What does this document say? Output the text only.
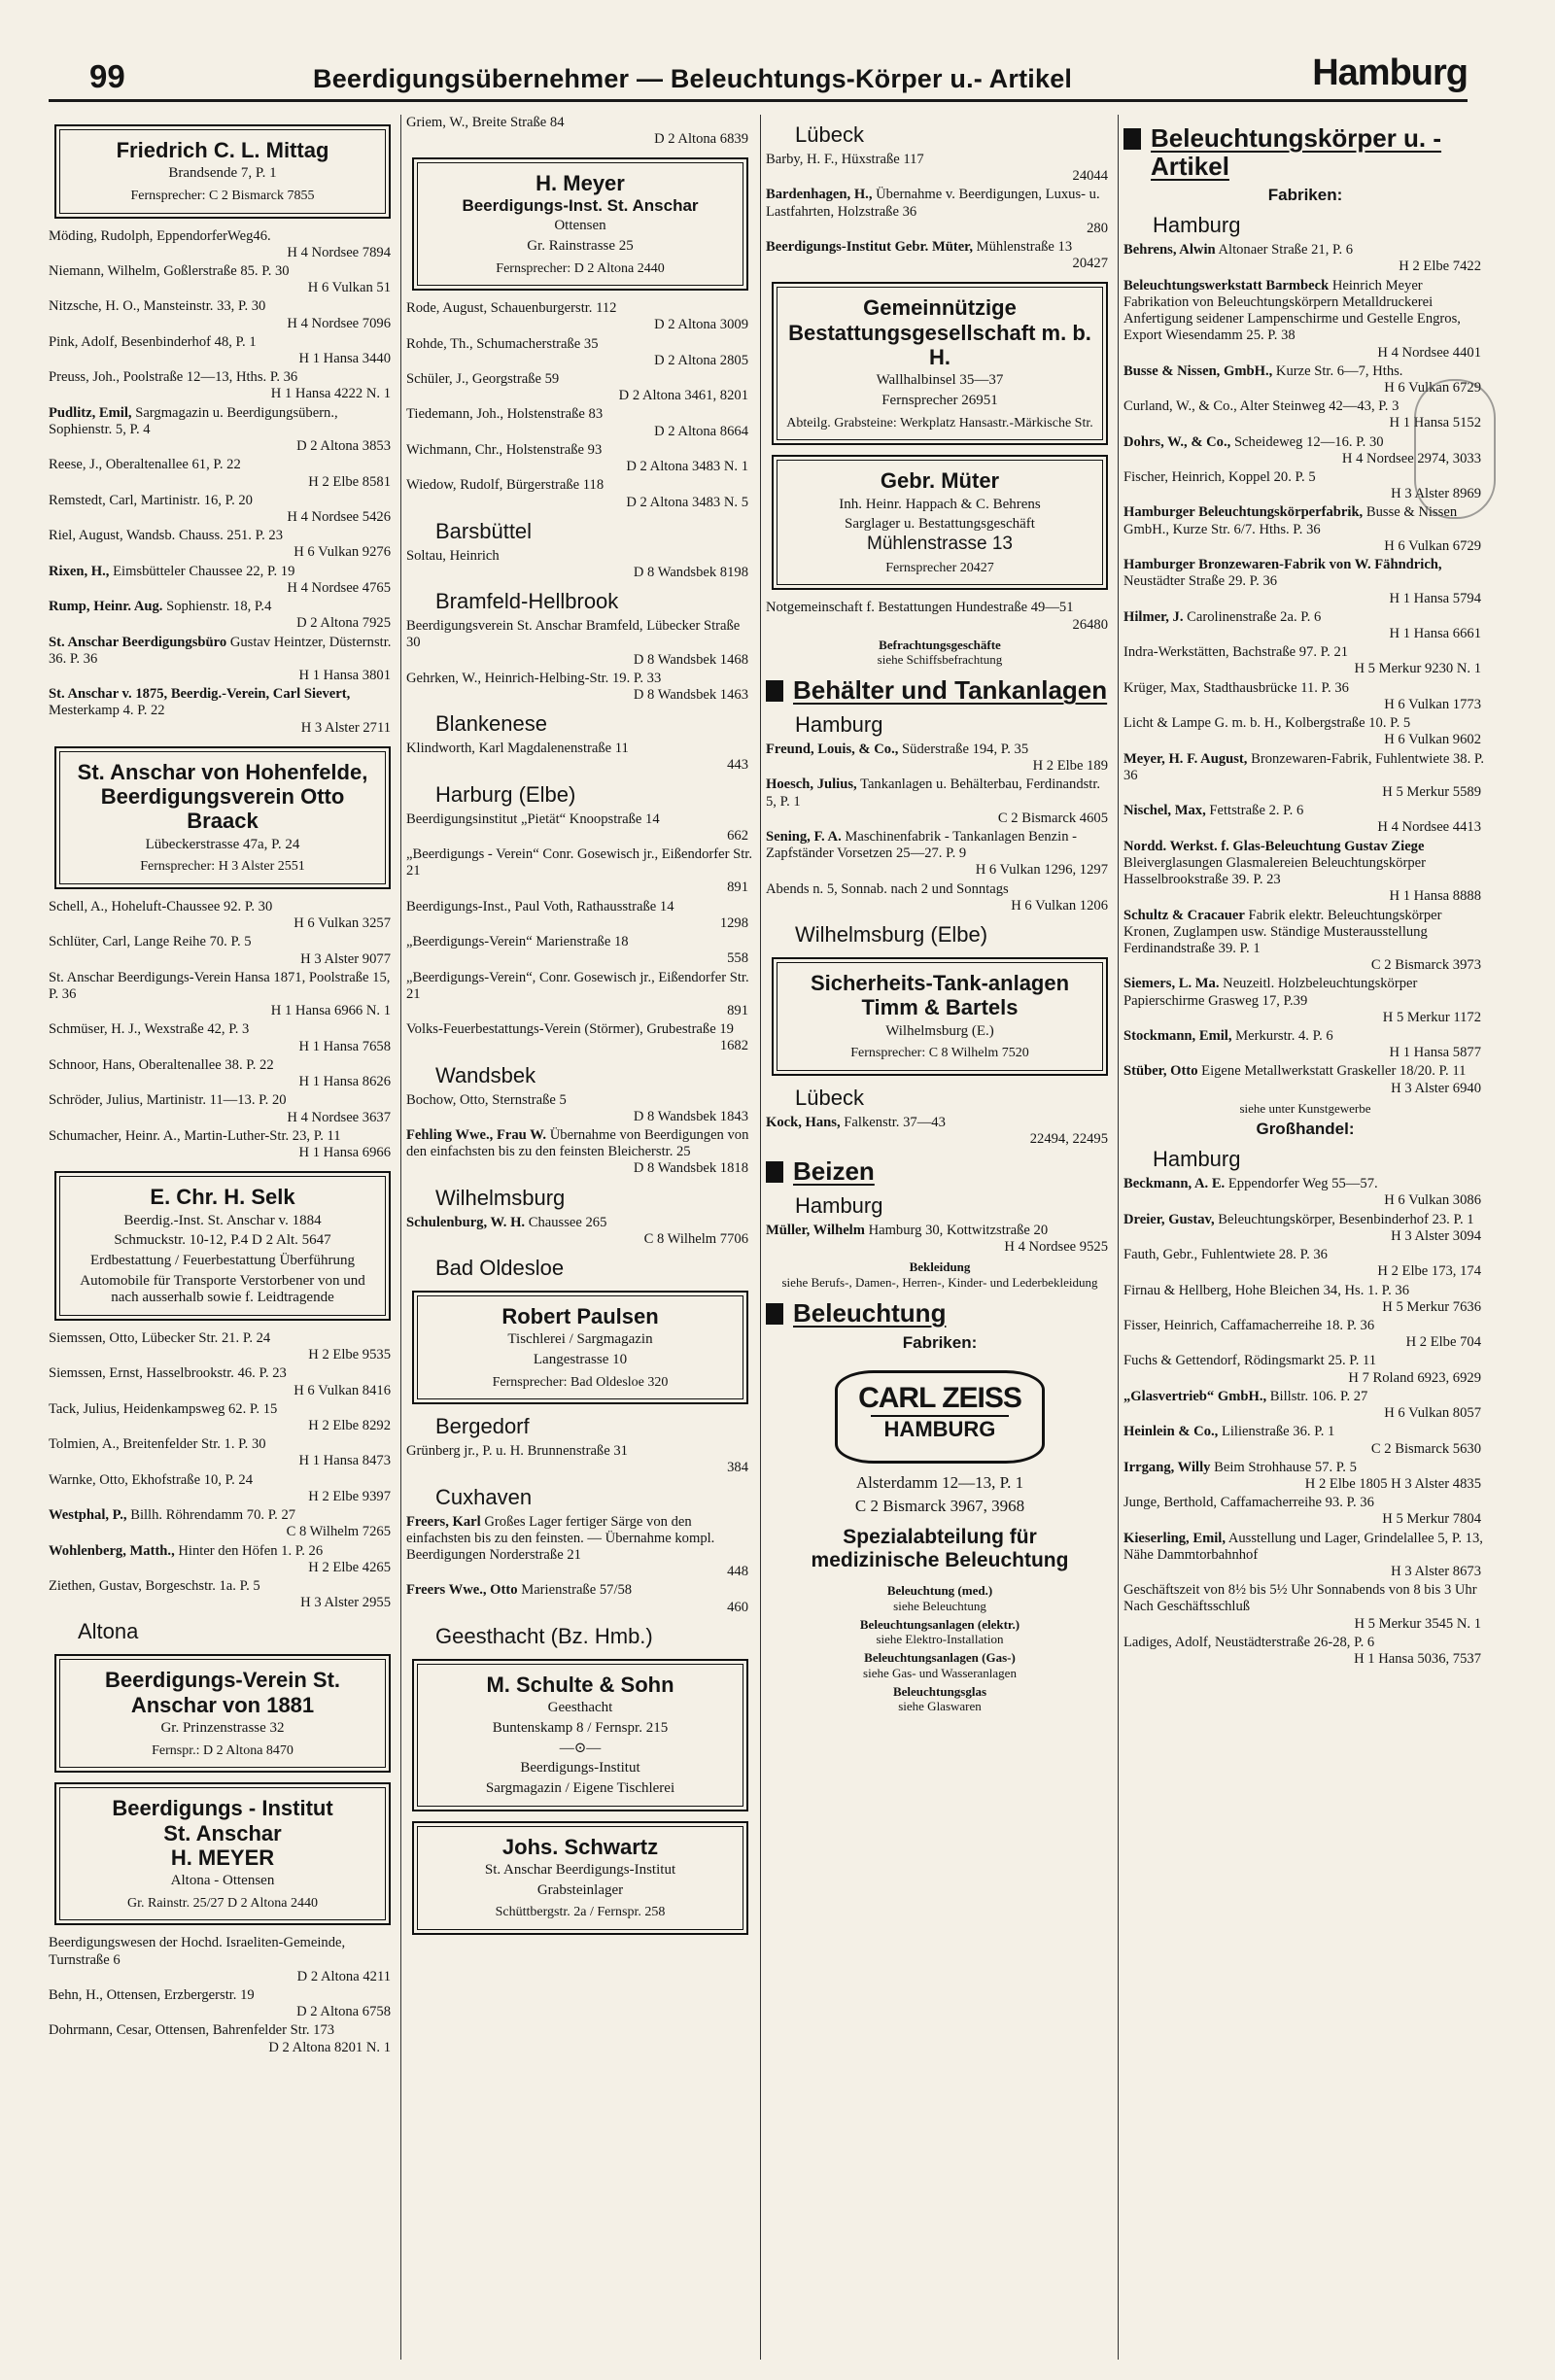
99	Beerdigungsübernehmer — Beleuchtungs-Körper u.- Artikel	Hamburg
Friedrich C. L. Mittag
Brandsende 7, P. 1
Fernsprecher: C 2 Bismarck 7855
Möding, Rudolph, EppendorferWeg46.
H 4 Nordsee 7894
Niemann, Wilhelm, Goßlerstraße 85. P. 30
H 6 Vulkan 51
Nitzsche, H. O., Mansteinstr. 33, P. 30
H 4 Nordsee 7096
Pink, Adolf, Besenbinderhof 48, P. 1
H 1 Hansa 3440
Preuss, Joh., Poolstraße 12—13, Hths. P. 36
H 1 Hansa 4222 N. 1
Pudlitz, Emil, Sargmagazin u. Beerdigungsübern., Sophienstr. 5, P. 4
D 2 Altona 3853
Reese, J., Oberaltenallee 61, P. 22
H 2 Elbe 8581
Remstedt, Carl, Martinistr. 16, P. 20
H 4 Nordsee 5426
Riel, August, Wandsb. Chauss. 251. P. 23
H 6 Vulkan 9276
Rixen, H., Eimsbütteler Chaussee 22, P. 19
H 4 Nordsee 4765
Rump, Heinr. Aug. Sophienstr. 18, P.4
D 2 Altona 7925
St. Anschar Beerdigungsbüro Gustav Heintzer, Düsternstr. 36. P. 36
H 1 Hansa 3801
St. Anschar v. 1875, Beerdig.-Verein, Carl Sievert, Mesterkamp 4. P. 22
H 3 Alster 2711
St. Anschar von Hohenfelde, Beerdigungsverein Otto Braack
Lübeckerstrasse 47a, P. 24
Fernsprecher: H 3 Alster 2551
Schell, A., Hoheluft-Chaussee 92. P. 30
H 6 Vulkan 3257
Schlüter, Carl, Lange Reihe 70. P. 5
H 3 Alster 9077
St. Anschar Beerdigungs-Verein Hansa 1871, Poolstraße 15, P. 36
H 1 Hansa 6966 N. 1
Schmüser, H. J., Wexstraße 42, P. 3
H 1 Hansa 7658
Schnoor, Hans, Oberaltenallee 38. P. 22
H 1 Hansa 8626
Schröder, Julius, Martinistr. 11—13. P. 20
H 4 Nordsee 3637
Schumacher, Heinr. A., Martin-Luther-Str. 23, P. 11
H 1 Hansa 6966
E. Chr. H. Selk
Beerdig.-Inst. St. Anschar v. 1884
Schmuckstr. 10-12, P.4 D 2 Alt. 5647
Erdbestattung / Feuerbestattung Überführung
Automobile für Transporte Verstorbener von und nach ausserhalb sowie f. Leidtragende
Siemssen, Otto, Lübecker Str. 21. P. 24
H 2 Elbe 9535
Siemssen, Ernst, Hasselbrookstr. 46. P. 23
H 6 Vulkan 8416
Tack, Julius, Heidenkampsweg 62. P. 15
H 2 Elbe 8292
Tolmien, A., Breitenfelder Str. 1. P. 30
H 1 Hansa 8473
Warnke, Otto, Ekhofstraße 10, P. 24
H 2 Elbe 9397
Westphal, P., Billh. Röhrendamm 70. P. 27
C 8 Wilhelm 7265
Wohlenberg, Matth., Hinter den Höfen 1. P. 26
H 2 Elbe 4265
Ziethen, Gustav, Borgeschstr. 1a. P. 5
H 3 Alster 2955
Altona
Beerdigungs-Verein St. Anschar von 1881
Gr. Prinzenstrasse 32
Fernspr.: D 2 Altona 8470
Beerdigungs - Institut
St. Anschar
H. MEYER
Altona - Ottensen
Gr. Rainstr. 25/27 D 2 Altona 2440
Beerdigungswesen der Hochd. Israeliten-Gemeinde, Turnstraße 6
D 2 Altona 4211
Behn, H., Ottensen, Erzbergerstr. 19
D 2 Altona 6758
Dohrmann, Cesar, Ottensen, Bahrenfelder Str. 173
D 2 Altona 8201 N. 1
Griem, W., Breite Straße 84
D 2 Altona 6839
H. Meyer
Beerdigungs-Inst. St. Anschar
Ottensen
Gr. Rainstrasse 25
Fernsprecher: D 2 Altona 2440
Rode, August, Schauenburgerstr. 112
D 2 Altona 3009
Rohde, Th., Schumacherstraße 35
D 2 Altona 2805
Schüler, J., Georgstraße 59
D 2 Altona 3461, 8201
Tiedemann, Joh., Holstenstraße 83
D 2 Altona 8664
Wichmann, Chr., Holstenstraße 93
D 2 Altona 3483 N. 1
Wiedow, Rudolf, Bürgerstraße 118
D 2 Altona 3483 N. 5
Barsbüttel
Soltau, Heinrich
D 8 Wandsbek 8198
Bramfeld-Hellbrook
Beerdigungsverein St. Anschar Bramfeld, Lübecker Straße 30
D 8 Wandsbek 1468
Gehrken, W., Heinrich-Helbing-Str. 19. P. 33
D 8 Wandsbek 1463
Blankenese
Klindworth, Karl Magdalenenstraße 11
443
Harburg (Elbe)
Beerdigungsinstitut „Pietät“ Knoopstraße 14
662
„Beerdigungs - Verein“ Conr. Gosewisch jr., Eißendorfer Str. 21
891
Beerdigungs-Inst., Paul Voth, Rathausstraße 14
1298
„Beerdigungs-Verein“ Marienstraße 18
558
„Beerdigungs-Verein“, Conr. Gosewisch jr., Eißendorfer Str. 21
891
Volks-Feuerbestattungs-Verein (Störmer), Grubestraße 19
1682
Wandsbek
Bochow, Otto, Sternstraße 5
D 8 Wandsbek 1843
Fehling Wwe., Frau W. Übernahme von Beerdigungen von den einfachsten bis zu den feinsten Bleicherstr. 25
D 8 Wandsbek 1818
Wilhelmsburg
Schulenburg, W. H. Chaussee 265
C 8 Wilhelm 7706
Bad Oldesloe
Robert Paulsen
Tischlerei / Sargmagazin
Langestrasse 10
Fernsprecher: Bad Oldesloe 320
Bergedorf
Grünberg jr., P. u. H. Brunnenstraße 31
384
Cuxhaven
Freers, Karl Großes Lager fertiger Särge von den einfachsten bis zu den feinsten. — Übernahme kompl. Beerdigungen Norderstraße 21
448
Freers Wwe., Otto Marienstraße 57/58
460
Geesthacht (Bz. Hmb.)
M. Schulte & Sohn
Geesthacht
Buntenskamp 8 / Fernspr. 215
—⊙—
Beerdigungs-Institut
Sargmagazin / Eigene Tischlerei
Johs. Schwartz
St. Anschar Beerdigungs-Institut
Grabsteinlager
Schüttbergstr. 2a / Fernspr. 258
Lübeck
Barby, H. F., Hüxstraße 117
24044
Bardenhagen, H., Übernahme v. Beerdigungen, Luxus- u. Lastfahrten, Holzstraße 36
280
Beerdigungs-Institut Gebr. Müter, Mühlenstraße 13
20427
Gemeinnützige Bestattungsgesellschaft m. b. H.
Wallhalbinsel 35—37
Fernsprecher 26951
Abteilg. Grabsteine: Werkplatz Hansastr.-Märkische Str.
Gebr. Müter
Inh. Heinr. Happach & C. Behrens
Sarglager u. Bestattungsgeschäft
Mühlenstrasse 13
Fernsprecher 20427
Notgemeinschaft f. Bestattungen Hundestraße 49—51
26480
Befrachtungsgeschäfte
siehe Schiffsbefrachtung
Behälter und Tankanlagen
Hamburg
Freund, Louis, & Co., Süderstraße 194, P. 35
H 2 Elbe 189
Hoesch, Julius, Tankanlagen u. Behälterbau, Ferdinandstr. 5, P. 1
C 2 Bismarck 4605
Sening, F. A. Maschinenfabrik - Tankanlagen Benzin - Zapfständer Vorsetzen 25—27. P. 9
H 6 Vulkan 1296, 1297
Abends n. 5, Sonnab. nach 2 und Sonntags
H 6 Vulkan 1206
Wilhelmsburg (Elbe)
Sicherheits-Tank-anlagen
Timm & Bartels
Wilhelmsburg (E.)
Fernsprecher: C 8 Wilhelm 7520
Lübeck
Kock, Hans, Falkenstr. 37—43
22494, 22495
Beizen
Hamburg
Müller, Wilhelm Hamburg 30, Kottwitzstraße 20
H 4 Nordsee 9525
Bekleidung
siehe Berufs-, Damen-, Herren-, Kinder- und Lederbekleidung
Beleuchtung
Fabriken:
CARL ZEISS
HAMBURG
Alsterdamm 12—13, P. 1
C 2 Bismarck 3967, 3968
Spezialabteilung für medizinische Beleuchtung
Beleuchtung (med.)
siehe Beleuchtung
Beleuchtungsanlagen (elektr.)
siehe Elektro-Installation
Beleuchtungsanlagen (Gas-)
siehe Gas- und Wasseranlagen
Beleuchtungsglas
siehe Glaswaren
Beleuchtungskörper u. -Artikel
Fabriken:
Hamburg
Behrens, Alwin Altonaer Straße 21, P. 6
H 2 Elbe 7422
Beleuchtungswerkstatt Barmbeck Heinrich Meyer Fabrikation von Beleuchtungskörpern Metalldruckerei Anfertigung seidener Lampenschirme und Gestelle Engros, Export Wiesendamm 25. P. 38
H 4 Nordsee 4401
Busse & Nissen, GmbH., Kurze Str. 6—7, Hths.
H 6 Vulkan 6729
Curland, W., & Co., Alter Steinweg 42—43, P. 3
H 1 Hansa 5152
Dohrs, W., & Co., Scheideweg 12—16. P. 30
H 4 Nordsee 2974, 3033
Fischer, Heinrich, Koppel 20. P. 5
H 3 Alster 8969
Hamburger Beleuchtungskörperfabrik, Busse & Nissen GmbH., Kurze Str. 6/7. Hths. P. 36
H 6 Vulkan 6729
Hamburger Bronzewaren-Fabrik von W. Fähndrich, Neustädter Straße 29. P. 36
H 1 Hansa 5794
Hilmer, J. Carolinenstraße 2a. P. 6
H 1 Hansa 6661
Indra-Werkstätten, Bachstraße 97. P. 21
H 5 Merkur 9230 N. 1
Krüger, Max, Stadthausbrücke 11. P. 36
H 6 Vulkan 1773
Licht & Lampe G. m. b. H., Kolbergstraße 10. P. 5
H 6 Vulkan 9602
Meyer, H. F. August, Bronzewaren-Fabrik, Fuhlentwiete 38. P. 36
H 5 Merkur 5589
Nischel, Max, Fettstraße 2. P. 6
H 4 Nordsee 4413
Nordd. Werkst. f. Glas-Beleuchtung Gustav Ziege Bleiverglasungen Glasmalereien Beleuchtungskörper Hasselbrookstraße 39. P. 23
H 1 Hansa 8888
Schultz & Cracauer Fabrik elektr. Beleuchtungskörper Kronen, Zuglampen usw. Ständige Musterausstellung Ferdinandstraße 39. P. 1
C 2 Bismarck 3973
Siemers, L. Ma. Neuzeitl. Holzbeleuchtungskörper Papierschirme Grasweg 17, P.39
H 5 Merkur 1172
Stockmann, Emil, Merkurstr. 4. P. 6
H 1 Hansa 5877
Stüber, Otto Eigene Metallwerkstatt Graskeller 18/20. P. 11
H 3 Alster 6940
siehe unter Kunstgewerbe
Großhandel:
Hamburg
Beckmann, A. E. Eppendorfer Weg 55—57.
H 6 Vulkan 3086
Dreier, Gustav, Beleuchtungskörper, Besenbinderhof 23. P. 1
H 3 Alster 3094
Fauth, Gebr., Fuhlentwiete 28. P. 36
H 2 Elbe 173, 174
Firnau & Hellberg, Hohe Bleichen 34, Hs. 1. P. 36
H 5 Merkur 7636
Fisser, Heinrich, Caffamacherreihe 18. P. 36
H 2 Elbe 704
Fuchs & Gettendorf, Rödingsmarkt 25. P. 11
H 7 Roland 6923, 6929
„Glasvertrieb“ GmbH., Billstr. 106. P. 27
H 6 Vulkan 8057
Heinlein & Co., Lilienstraße 36. P. 1
C 2 Bismarck 5630
Irrgang, Willy Beim Strohhause 57. P. 5
H 2 Elbe 1805 H 3 Alster 4835
Junge, Berthold, Caffamacherreihe 93. P. 36
H 5 Merkur 7804
Kieserling, Emil, Ausstellung und Lager, Grindelallee 5, P. 13, Nähe Dammtorbahnhof
H 3 Alster 8673
Geschäftszeit von 8½ bis 5½ Uhr Sonnabends von 8 bis 3 Uhr Nach Geschäftsschluß
H 5 Merkur 3545 N. 1
Ladiges, Adolf, Neustädterstraße 26-28, P. 6
H 1 Hansa 5036, 7537
